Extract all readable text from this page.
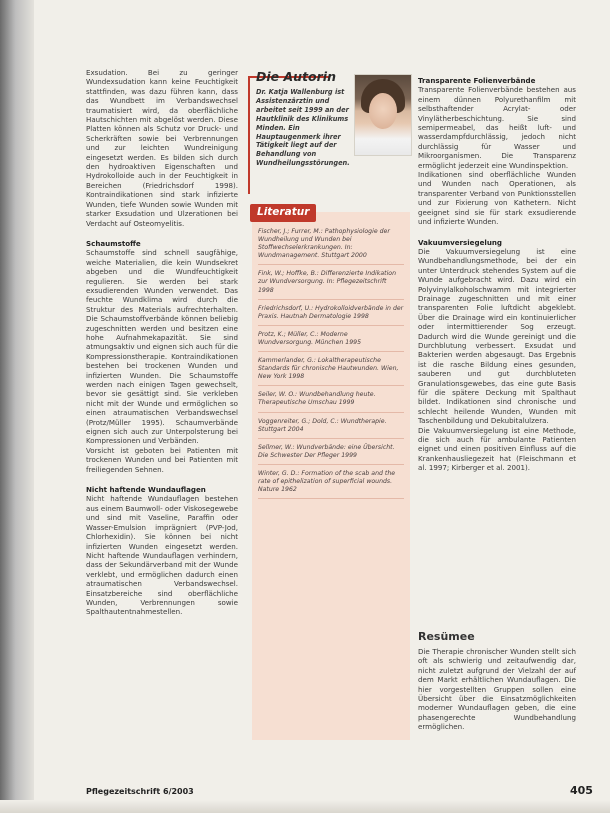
Exsudation. Bei zu geringer Wundexsudation kann keine Feuchtigkeit stattfinden, was dazu führen kann, dass das Wundbett im Verbandswechsel traumatisiert wird, da oberflächliche Hautschichten mit abgelöst werden. Diese Platten können als Schutz vor Druck- und Scherkräften sowie bei Verbrennungen und zur leichten Wundreinigung eingesetzt werden. Es bilden sich durch den hydroaktiven Eigenschaften und Hydrokolloide auch in der Feuchtigkeit in Bereichen (Friedrichsdorf 1998). Kontraindikationen sind stark infizierte Wunden, tiefe Wunden sowie Wunden mit starker Exsudation und Ulzerationen bei Verdacht auf Osteomyelitis.

Schaumstoffe

Schaumstoffe sind schnell saugfähige, weiche Materialien, die kein Wundsekret abgeben und die Wundfeuchtigkeit regulieren. Sie werden bei stark exsudierenden Wunden verwendet. Das feuchte Wundklima wird durch die Struktur des Materials aufrechterhalten. Die Schaumstoffverbände können beliebig zugeschnitten werden und besitzen eine hohe Aufnahmekapazität. Sie sind atmungsaktiv und eignen sich auch für die Kompressionstherapie. Kontraindikationen bestehen bei trockenen Wunden und infizierten Wunden. Die Schaumstoffe werden nach einigen Tagen gewechselt, bevor sie gesättigt sind. Sie verkleben nicht mit der Wunde und ermöglichen so einen atraumatischen Verbandswechsel (Protz/Müller 1995). Schaumverbände eignen sich auch zur Unterpolsterung bei Kompressionen und Verbänden.

Vorsicht ist geboten bei Patienten mit trockenen Wunden und bei Patienten mit freiliegenden Sehnen.

Nicht haftende Wundauflagen

Nicht haftende Wundauflagen bestehen aus einem Baumwoll- oder Viskosegewebe und sind mit Vaseline, Paraffin oder Wasser-Emulsion imprägniert (PVP-Jod, Chlorhexidin). Sie können bei nicht infizierten Wunden eingesetzt werden. Nicht haftende Wundauflagen verhindern, dass der Sekundärverband mit der Wunde verklebt, und ermöglichen dadurch einen atraumatischen Verbandswechsel. Einsatzbereiche sind oberflächliche Wunden, Verbrennungen sowie Spalthautentnahmestellen.

Die Autorin
Dr. Katja Wallenburg ist Assistenzärztin und arbeitet seit 1999 an der Hautklinik des Klinikums Minden. Ein Hauptaugenmerk ihrer Tätigkeit liegt auf der Behandlung von Wundheilungsstörungen.
Literatur

Fischer, J.; Furrer, M.: Pathophysiologie der Wundheilung und Wunden bei Stoffwechselerkrankungen. In: Wundmanagement. Stuttgart 2000

Fink, W.; Hoffke, B.: Differenzierte Indikation zur Wundversorgung. In: Pflegezeitschrift 1998

Friedrichsdorf, U.: Hydrokolloidverbände in der Praxis. Hautnah Dermatologie 1998

Protz, K.; Müller, C.: Moderne Wundversorgung. München 1995

Kammerlander, G.: Lokaltherapeutische Standards für chronische Hautwunden. Wien, New York 1998

Seiler, W. O.: Wundbehandlung heute. Therapeutische Umschau 1999

Voggenreiter, G.; Dold, C.: Wundtherapie. Stuttgart 2004

Sellmer, W.: Wundverbände: eine Übersicht. Die Schwester Der Pfleger 1999

Winter, G. D.: Formation of the scab and the rate of epithelization of superficial wounds. Nature 1962

Transparente Folienverbände

Transparente Folienverbände bestehen aus einem dünnen Polyurethanfilm mit selbsthaftender Acrylat- oder Vinylätherbeschichtung. Sie sind semipermeabel, das heißt luft- und wasserdampfdurchlässig, jedoch nicht durchlässig für Wasser und Mikroorganismen. Die Transparenz ermöglicht jederzeit eine Wundinspektion.

Indikationen sind oberflächliche Wunden und Wunden nach Operationen, als transparenter Verband von Punktionsstellen und zur Fixierung von Kathetern. Nicht geeignet sind sie für stark exsudierende und infizierte Wunden.

Vakuumversiegelung

Die Vakuumversiegelung ist eine Wundbehandlungsmethode, bei der ein unter Unterdruck stehendes System auf die Wunde aufgebracht wird. Dazu wird ein Polyvinylalkoholschwamm mit integrierter Drainage zugeschnitten und mit einer transparenten Folie luftdicht abgeklebt. Über die Drainage wird ein kontinuierlicher oder intermittierender Sog erzeugt. Dadurch wird die Wunde gereinigt und die Durchblutung verbessert. Exsudat und Bakterien werden abgesaugt. Das Ergebnis ist die rasche Bildung eines gesunden, sauberen und gut durchbluteten Granulationsgewebes, das eine gute Basis für die spätere Deckung mit Spalthaut bildet. Indikationen sind chronische und schlecht heilende Wunden, Wunden mit Taschenbildung und Dekubitalulzera.

Die Vakuumversiegelung ist eine Methode, die sich auch für ambulante Patienten eignet und einen positiven Einfluss auf die Krankenhausliegezeit hat (Fleischmann et al. 1997; Kirberger et al. 2001).

Resümee

Die Therapie chronischer Wunden stellt sich oft als schwierig und zeitaufwendig dar, nicht zuletzt aufgrund der Vielzahl der auf dem Markt erhältlichen Wundauflagen. Die hier vorgestellten Gruppen sollen eine Übersicht über die Einsatzmöglichkeiten moderner Wundauflagen geben, die eine phasengerechte Wundbehandlung ermöglichen.

Pflegezeitschrift 6/2003	405
